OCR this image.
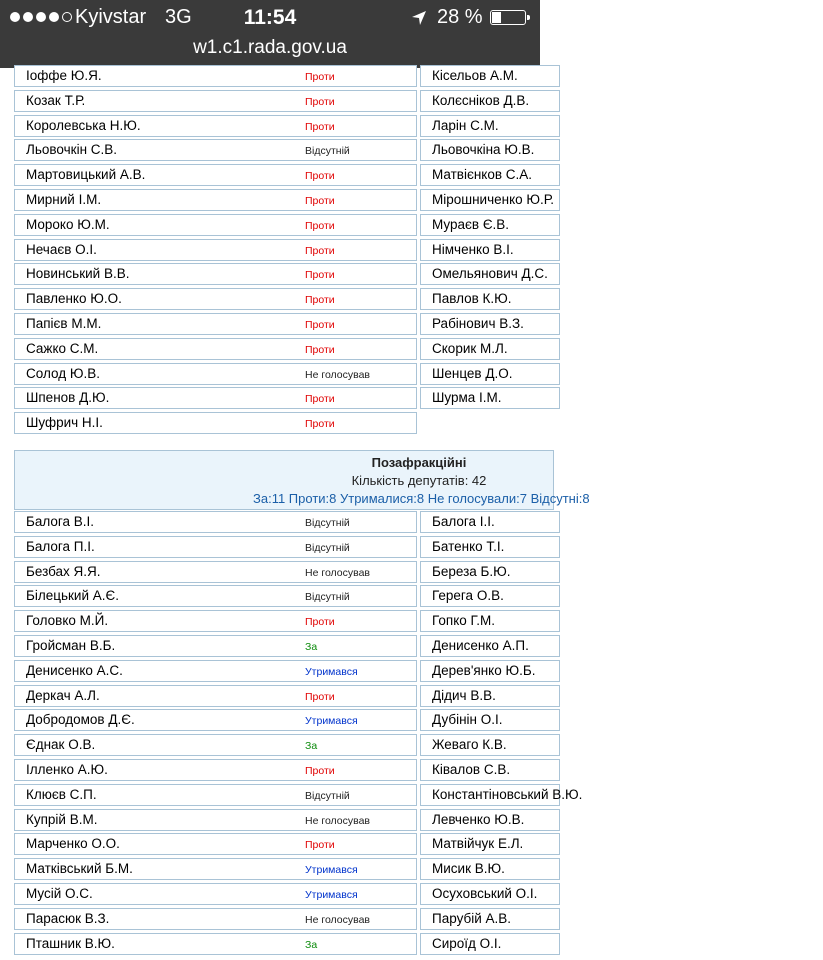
Kyivstar 3G	11:54	28 %
w1.c1.rada.gov.ua
Іоффе Ю.Я.	Проти	Кісельов А.М.
Козак Т.Р.	Проти	Колєсніков Д.В.
Королевська Н.Ю.	Проти	Ларін С.М.
Льовочкін С.В.	Відсутній	Льовочкіна Ю.В.
Мартовицький А.В.	Проти	Матвієнков С.А.
Мирний І.М.	Проти	Мірошниченко Ю.Р.
Мороко Ю.М.	Проти	Мураєв Є.В.
Нечаєв О.І.	Проти	Німченко В.І.
Новинський В.В.	Проти	Омельянович Д.С.
Павленко Ю.О.	Проти	Павлов К.Ю.
Папієв М.М.	Проти	Рабінович В.З.
Сажко С.М.	Проти	Скорик М.Л.
Солод Ю.В.	Не голосував	Шенцев Д.О.
Шпенов Д.Ю.	Проти	Шурма І.М.
Шуфрич Н.І.	Проти
Позафракційні
Кількість депутатів: 42
За:11 Проти:8 Утрималися:8 Не голосували:7 Відсутні:8
Балога В.І.	Відсутній	Балога І.І.
Балога П.І.	Відсутній	Батенко Т.І.
Безбах Я.Я.	Не голосував	Береза Б.Ю.
Білецький А.Є.	Відсутній	Герега О.В.
Головко М.Й.	Проти	Гопко Г.М.
Гройсман В.Б.	За	Денисенко А.П.
Денисенко А.С.	Утримався	Дерев'янко Ю.Б.
Деркач А.Л.	Проти	Дідич В.В.
Добродомов Д.Є.	Утримався	Дубінін О.І.
Єднак О.В.	За	Жеваго К.В.
Ілленко А.Ю.	Проти	Ківалов С.В.
Клюєв С.П.	Відсутній	Константіновський В.Ю.
Купрій В.М.	Не голосував	Левченко Ю.В.
Марченко О.О.	Проти	Матвійчук Е.Л.
Матківський Б.М.	Утримався	Мисик В.Ю.
Мусій О.С.	Утримався	Осуховський О.І.
Парасюк В.З.	Не голосував	Парубій А.В.
Пташник В.Ю.	За	Сироїд О.І.
